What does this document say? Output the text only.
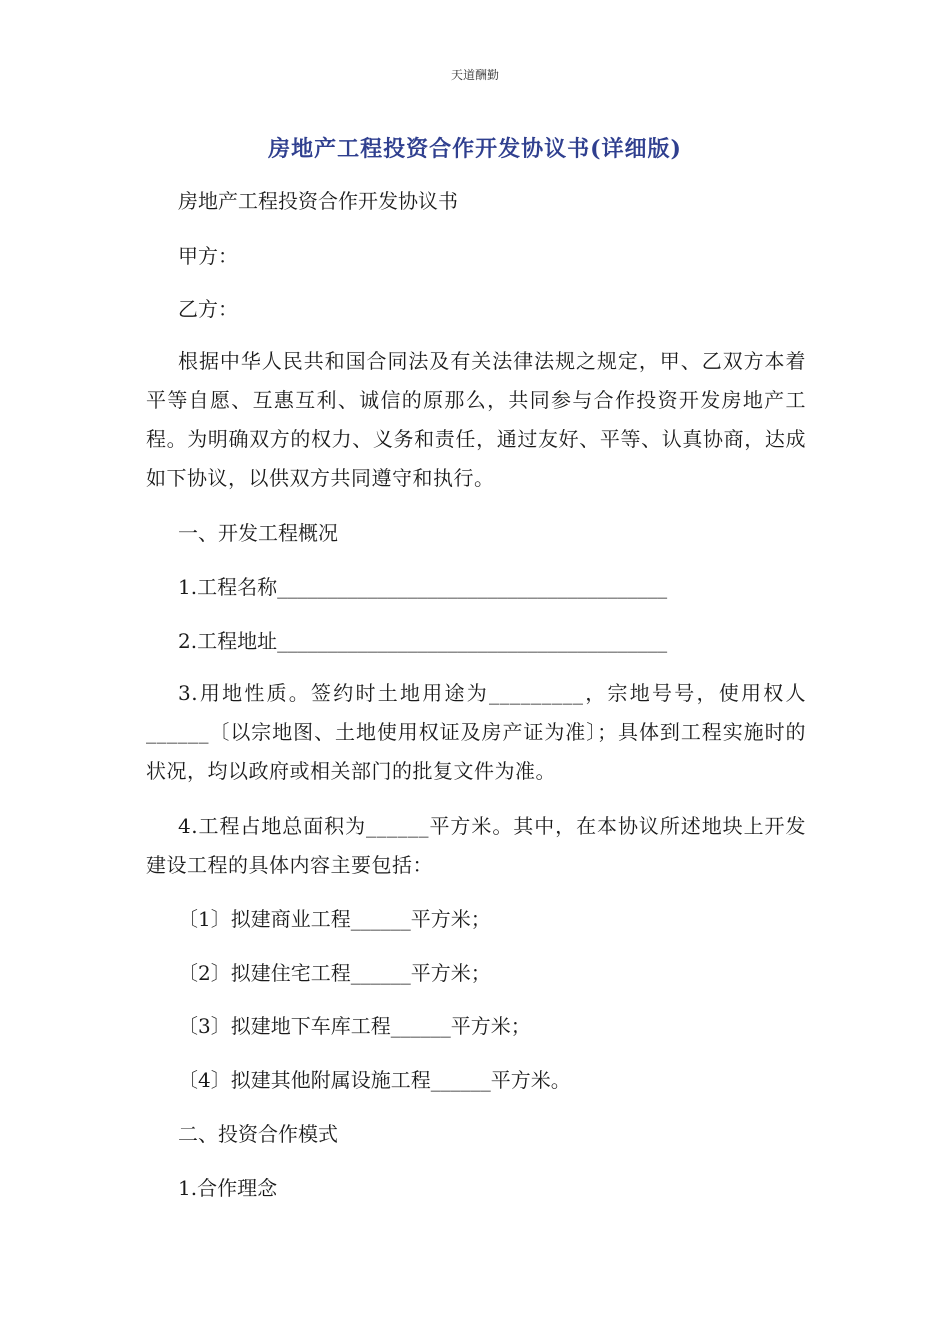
天道酬勤
房地产工程投资合作开发协议书(详细版)
房地产工程投资合作开发协议书
甲方：
乙方：
根据中华人民共和国合同法及有关法律法规之规定，甲、乙双方本着平等自愿、互惠互利、诚信的原那么，共同参与合作投资开发房地产工程。为明确双方的权力、义务和责任，通过友好、平等、认真协商，达成如下协议，以供双方共同遵守和执行。
一、开发工程概况
1.工程名称_______________________________________
2.工程地址_______________________________________
3.用地性质。签约时土地用途为_________，宗地号号，使用权人______〔以宗地图、土地使用权证及房产证为准〕；具体到工程实施时的状况，均以政府或相关部门的批复文件为准。
4.工程占地总面积为______平方米。其中，在本协议所述地块上开发建设工程的具体内容主要包括：
〔1〕拟建商业工程______平方米；
〔2〕拟建住宅工程______平方米；
〔3〕拟建地下车库工程______平方米；
〔4〕拟建其他附属设施工程______平方米。
二、投资合作模式
1.合作理念
